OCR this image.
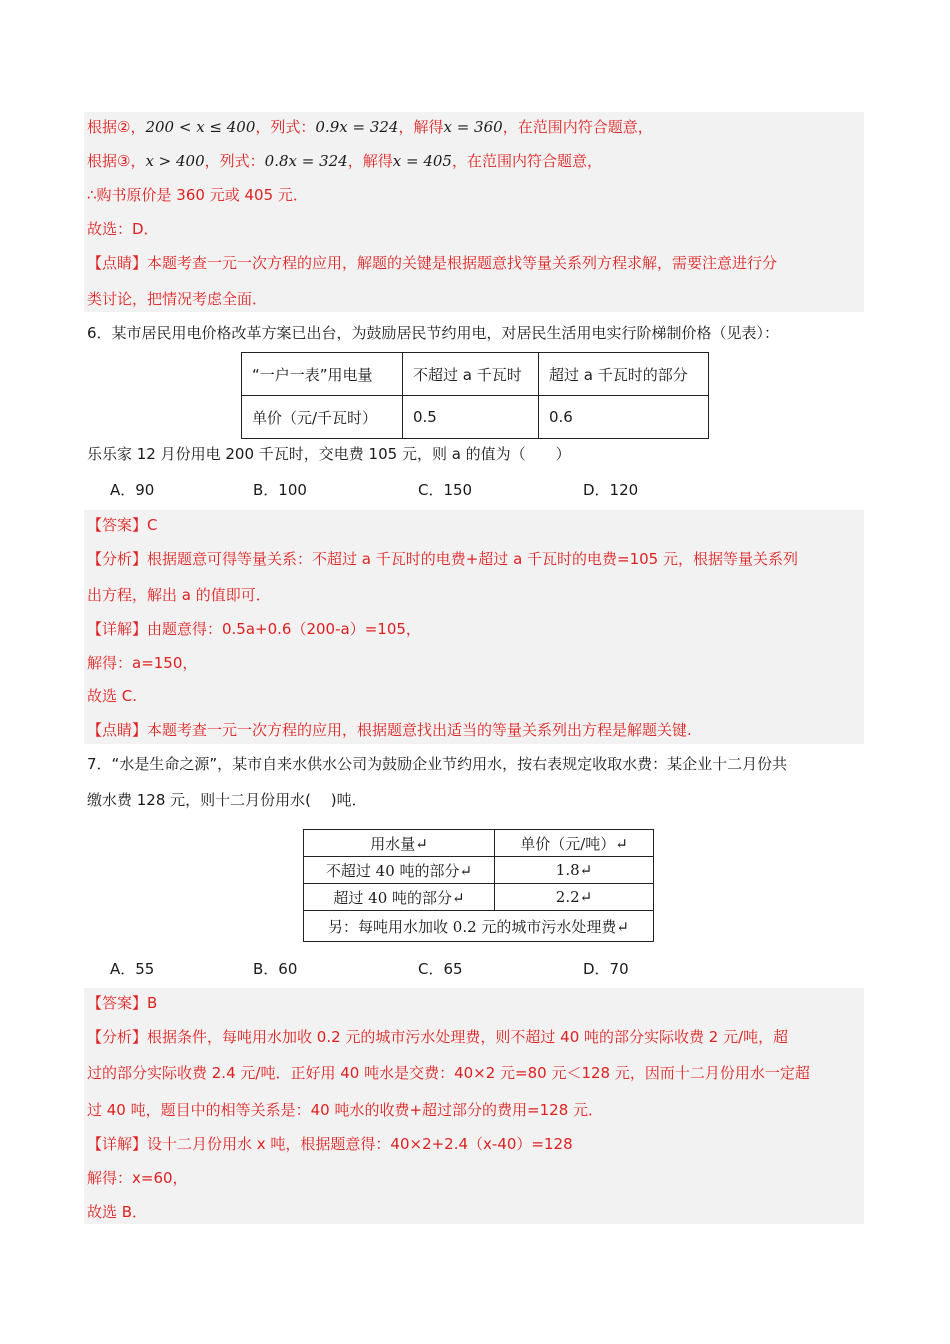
根据②，200 < x ≤ 400，列式：0.9x = 324，解得x = 360，在范围内符合题意，
根据③，x > 400，列式：0.8x = 324，解得x = 405，在范围内符合题意，
∴购书原价是 360 元或 405 元．
故选：D．
【点睛】本题考查一元一次方程的应用，解题的关键是根据题意找等量关系列方程求解，需要注意进行分
类讨论，把情况考虑全面．
6．某市居民用电价格改革方案已出台，为鼓励居民节约用电，对居民生活用电实行阶梯制价格（见表）：
“一户一表”用电量	不超过 a 千瓦时	超过 a 千瓦时的部分
单价（元/千瓦时）	0.5	0.6
乐乐家 12 月份用电 200 千瓦时，交电费 105 元，则 a 的值为（　　）
A．90	B．100	C．150	D．120
【答案】C
【分析】根据题意可得等量关系：不超过 a 千瓦时的电费+超过 a 千瓦时的电费=105 元，根据等量关系列
出方程，解出 a 的值即可．
【详解】由题意得：0.5a+0.6（200-a）=105，
解得：a=150，
故选 C.
【点睛】本题考查一元一次方程的应用，根据题意找出适当的等量关系列出方程是解题关键.
7．“水是生命之源”，某市自来水供水公司为鼓励企业节约用水，按右表规定收取水费：某企业十二月份共
缴水费 128 元，则十二月份用水(　 )吨．
用水量↵	单价（元/吨）↵
不超过 40 吨的部分↵	1.8↵
超过 40 吨的部分↵	2.2↵
另：每吨用水加收 0.2 元的城市污水处理费↵	
A．55	B．60	C．65	D．70
【答案】B
【分析】根据条件，每吨用水加收 0.2 元的城市污水处理费，则不超过 40 吨的部分实际收费 2 元/吨，超
过的部分实际收费 2.4 元/吨．正好用 40 吨水是交费：40×2 元=80 元＜128 元，因而十二月份用水一定超
过 40 吨，题目中的相等关系是：40 吨水的收费+超过部分的费用=128 元．
【详解】设十二月份用水 x 吨，根据题意得：40×2+2.4（x-40）=128
解得：x=60，
故选 B．
